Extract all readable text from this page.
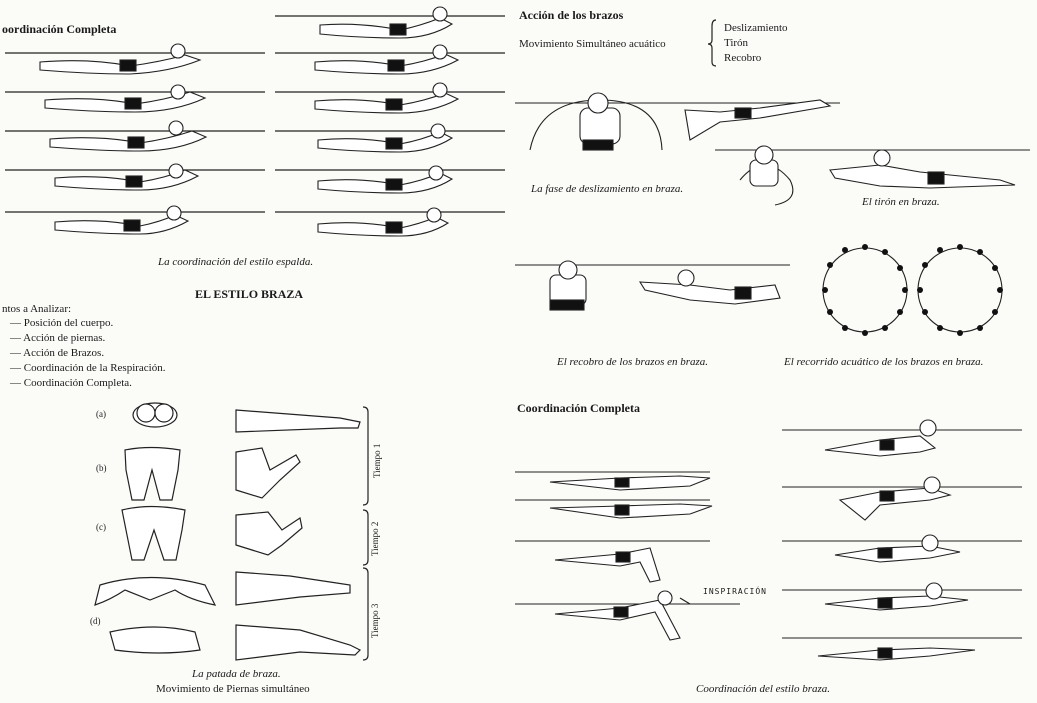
oordinación Completa
La coordinación del estilo espalda.
EL ESTILO BRAZA
ntos a Analizar:
— Posición del cuerpo.
— Acción de piernas.
— Acción de Brazos.
— Coordinación de la Respiración.
— Coordinación Completa.
(a)
(b)
(c)
(d)
Tiempo 1
Tiempo 2
Tiempo 3
La patada de braza.
Movimiento de Piernas simultáneo
Acción de los brazos
Movimiento Simultáneo acuático
Deslizamiento
Tirón
Recobro
La fase de deslizamiento en braza.
El tirón en braza.
El recobro de los brazos en braza.	El recorrido acuático de los brazos en braza.
Coordinación Completa
INSPIRACIÓN
Coordinación del estilo braza.
